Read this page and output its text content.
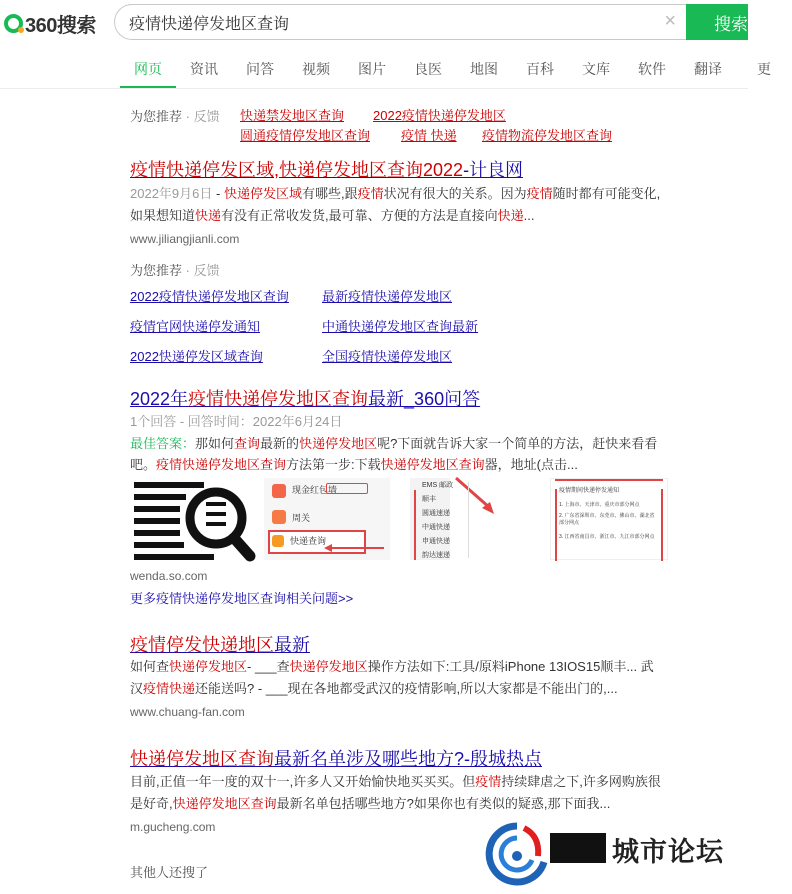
360搜索
疫情快递停发地区查询	×	搜索
网页	资讯	问答	视频	图片	良医	地图	百科	文库	软件	翻译	更
为您推荐 · 反馈 快递禁发地区查询 2022疫情快递停发地区
圆通疫情停发地区查询 疫情 快递 疫情物流停发地区查询
疫情快递停发区域,快递停发地区查询2022-计良网
2022年9月6日 - 快递停发区域有哪些,跟疫情状况有很大的关系。因为疫情随时都有可能变化,
如果想知道快递有没有正常收发货,最可靠、方便的方法是直接向快递...
www.jiliangjianli.com
为您推荐 · 反馈
2022疫情快递停发地区查询	最新疫情快递停发地区
疫情官网快递停发通知	中通快递停发地区查询最新
2022快递停发区域查询	全国疫情快递停发地区
2022年疫情快递停发地区查询最新_360问答
1个回答 - 回答时间：2022年6月24日
最佳答案：那如何查询最新的快递停发地区呢?下面就告诉大家一个简单的方法，赶快来看看
吧。疫情快递停发地区查询方法第一步:下载快递停发地区查询器，地址(点击...
现金红包墙
周关
快递查询
EMS 邮政
顺丰
圆通速递
中通快递
申通快递
韵达速递
疫情期间快递停发通知
1. 上海市、天津市、重庆市部分网点
2. 广东省深圳市、东莞市、佛山市、湖北省部分网点
3. 江西省南昌市、浙江市、九江市部分网点
wenda.so.com
更多疫情快递停发地区查询相关问题>>
疫情停发快递地区最新
如何查快递停发地区- ___查快递停发地区操作方法如下:工具/原料iPhone 13IOS15顺丰... 武
汉疫情快递还能送吗? - ___现在各地都受武汉的疫情影响,所以大家都是不能出门的,...
www.chuang-fan.com
快递停发地区查询最新名单涉及哪些地方?-殷城热点
目前,正值一年一度的双十一,许多人又开始愉快地买买买。但疫情持续肆虐之下,许多网购族很
是好奇,快递停发地区查询最新名单包括哪些地方?如果你也有类似的疑惑,那下面我...
m.gucheng.com
其他人还搜了
城市论坛
